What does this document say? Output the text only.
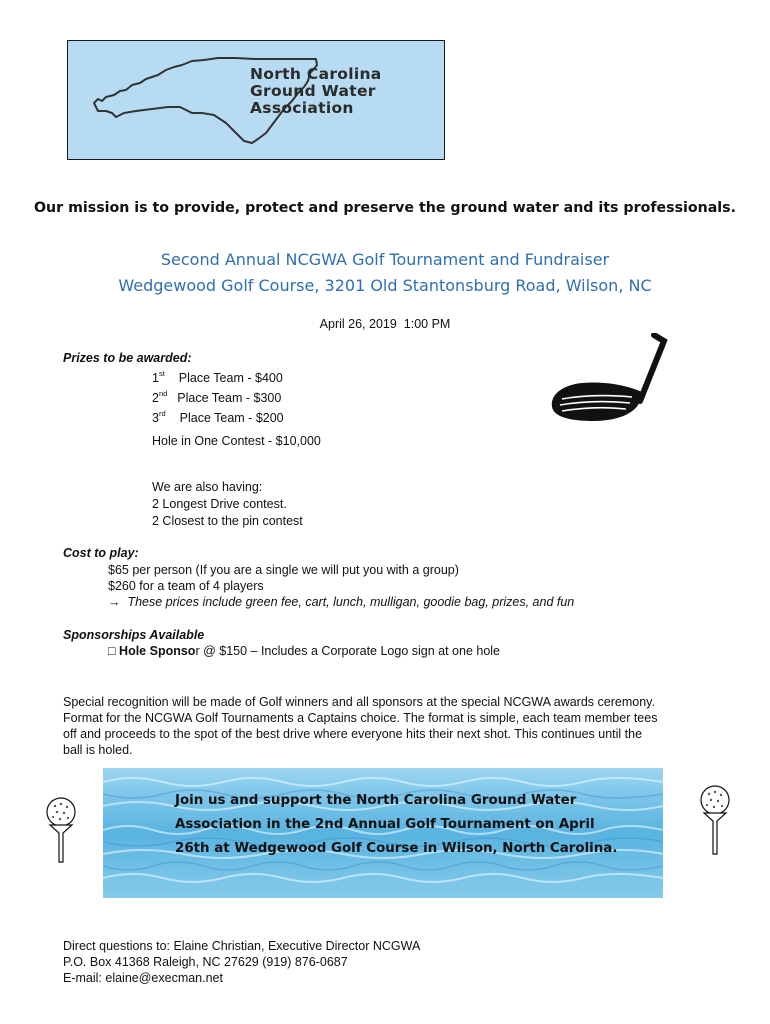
North Carolina
Ground Water
Association
Our mission is to provide, protect and preserve the ground water and its professionals.
Second Annual NCGWA Golf Tournament and Fundraiser
Wedgewood Golf Course, 3201 Old Stantonsburg Road, Wilson, NC
April 26, 2019 1:00 PM
Prizes to be awarded:
1st Place Team - $400
2nd Place Team - $300
3rd Place Team - $200
Hole in One Contest - $10,000
We are also having:
2 Longest Drive contest.
2 Closest to the pin contest
Cost to play:
$65 per person (If you are a single we will put you with a group)
$260 for a team of 4 players
→ These prices include green fee, cart, lunch, mulligan, goodie bag, prizes, and fun
Sponsorships Available
□ Hole Sponsor @ $150 – Includes a Corporate Logo sign at one hole
Special recognition will be made of Golf winners and all sponsors at the special NCGWA awards ceremony.
Format for the NCGWA Golf Tournaments a Captains choice. The format is simple, each team member tees
off and proceeds to the spot of the best drive where everyone hits their next shot. This continues until the
ball is holed.
Join us and support the North Carolina Ground Water
Association in the 2nd Annual Golf Tournament on April
26th at Wedgewood Golf Course in Wilson, North Carolina.
Direct questions to: Elaine Christian, Executive Director NCGWA
P.O. Box 41368 Raleigh, NC 27629 (919) 876-0687
E-mail: elaine@execman.net
